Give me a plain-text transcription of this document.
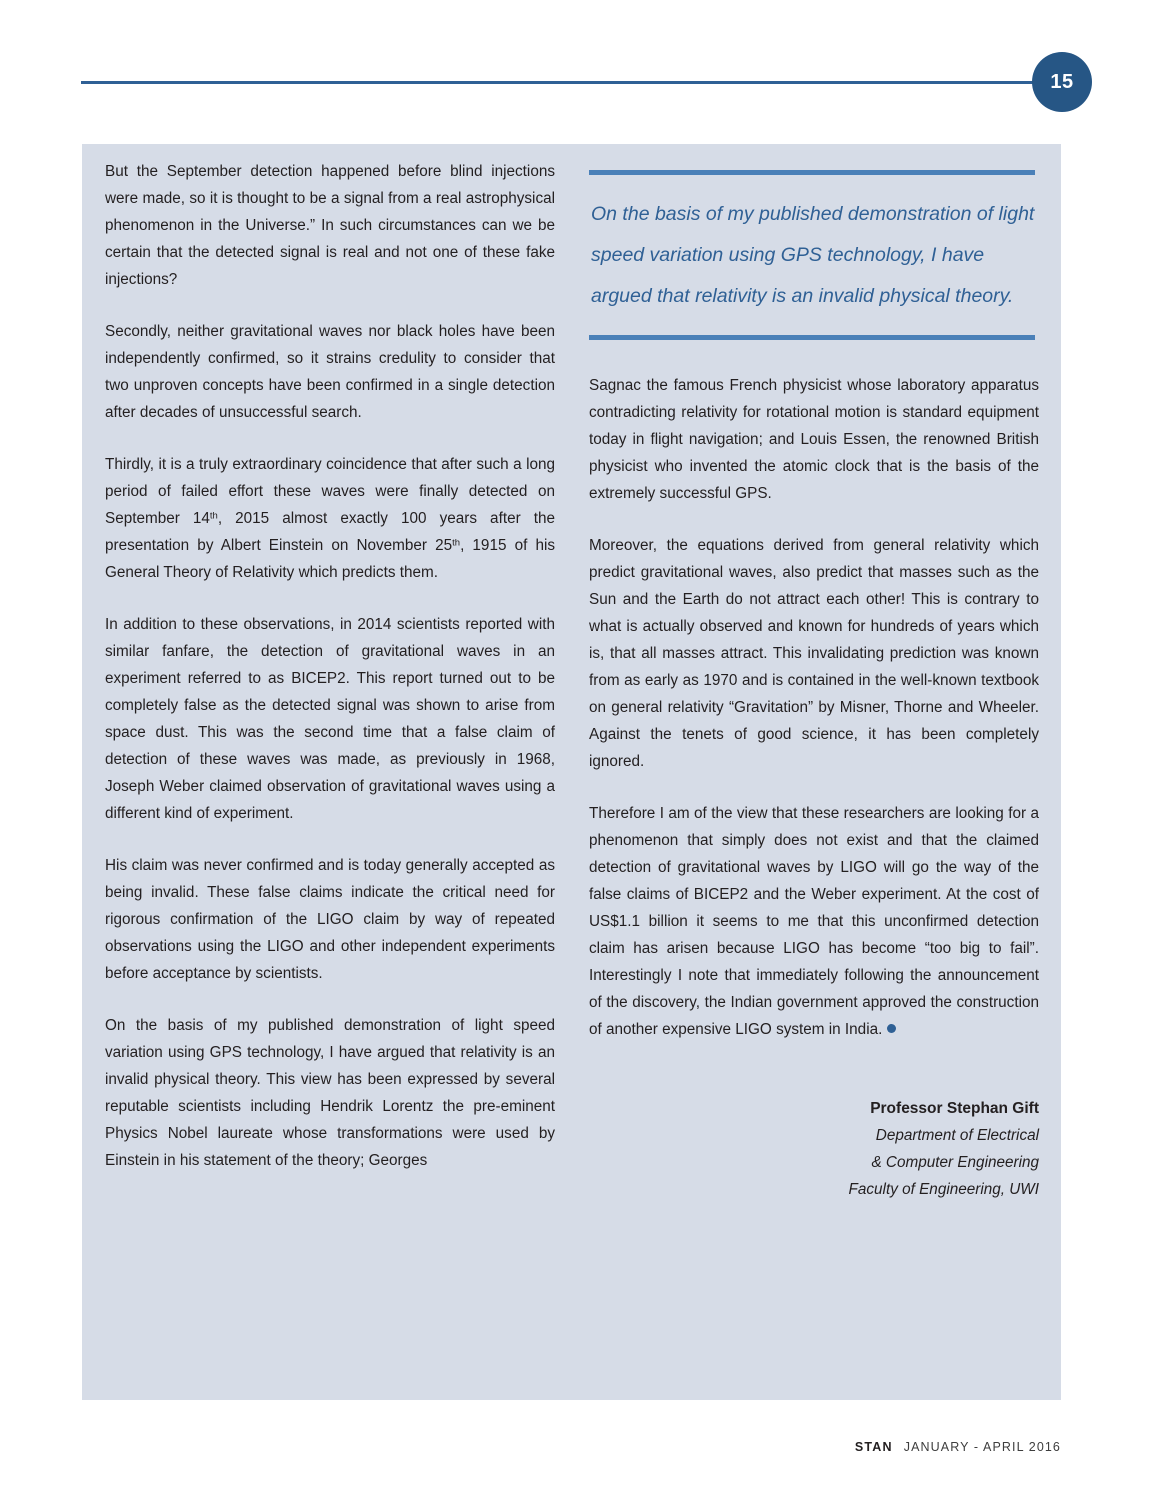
15

But the September detection happened before blind injections were made, so it is thought to be a signal from a real astrophysical phenomenon in the Universe.” In such circumstances can we be certain that the detected signal is real and not one of these fake injections?

Secondly, neither gravitational waves nor black holes have been independently confirmed, so it strains credulity to consider that two unproven concepts have been confirmed in a single detection after decades of unsuccessful search.

Thirdly, it is a truly extraordinary coincidence that after such a long period of failed effort these waves were finally detected on September 14th, 2015 almost exactly 100 years after the presentation by Albert Einstein on November 25th, 1915 of his General Theory of Relativity which predicts them.

In addition to these observations, in 2014 scientists reported with similar fanfare, the detection of gravitational waves in an experiment referred to as BICEP2. This report turned out to be completely false as the detected signal was shown to arise from space dust. This was the second time that a false claim of detection of these waves was made, as previously in 1968, Joseph Weber claimed observation of gravitational waves using a different kind of experiment.

His claim was never confirmed and is today generally accepted as being invalid. These false claims indicate the critical need for rigorous confirmation of the LIGO claim by way of repeated observations using the LIGO and other independent experiments before acceptance by scientists.

On the basis of my published demonstration of light speed variation using GPS technology, I have argued that relativity is an invalid physical theory. This view has been expressed by several reputable scientists including Hendrik Lorentz the pre-eminent Physics Nobel laureate whose transformations were used by Einstein in his statement of the theory; Georges

On the basis of my published demonstration of light speed variation using GPS technology, I have argued that relativity is an invalid physical theory.

Sagnac the famous French physicist whose laboratory apparatus contradicting relativity for rotational motion is standard equipment today in flight navigation; and Louis Essen, the renowned British physicist who invented the atomic clock that is the basis of the extremely successful GPS.

Moreover, the equations derived from general relativity which predict gravitational waves, also predict that masses such as the Sun and the Earth do not attract each other! This is contrary to what is actually observed and known for hundreds of years which is, that all masses attract. This invalidating prediction was known from as early as 1970 and is contained in the well-known textbook on general relativity “Gravitation” by Misner, Thorne and Wheeler. Against the tenets of good science, it has been completely ignored.

Therefore I am of the view that these researchers are looking for a phenomenon that simply does not exist and that the claimed detection of gravitational waves by LIGO will go the way of the false claims of BICEP2 and the Weber experiment. At the cost of US$1.1 billion it seems to me that this unconfirmed detection claim has arisen because LIGO has become “too big to fail”. Interestingly I note that immediately following the announcement of the discovery, the Indian government approved the construction of another expensive LIGO system in India.

Professor Stephan Gift
Department of Electrical
& Computer Engineering
Faculty of Engineering, UWI
STAN JANUARY - APRIL 2016
